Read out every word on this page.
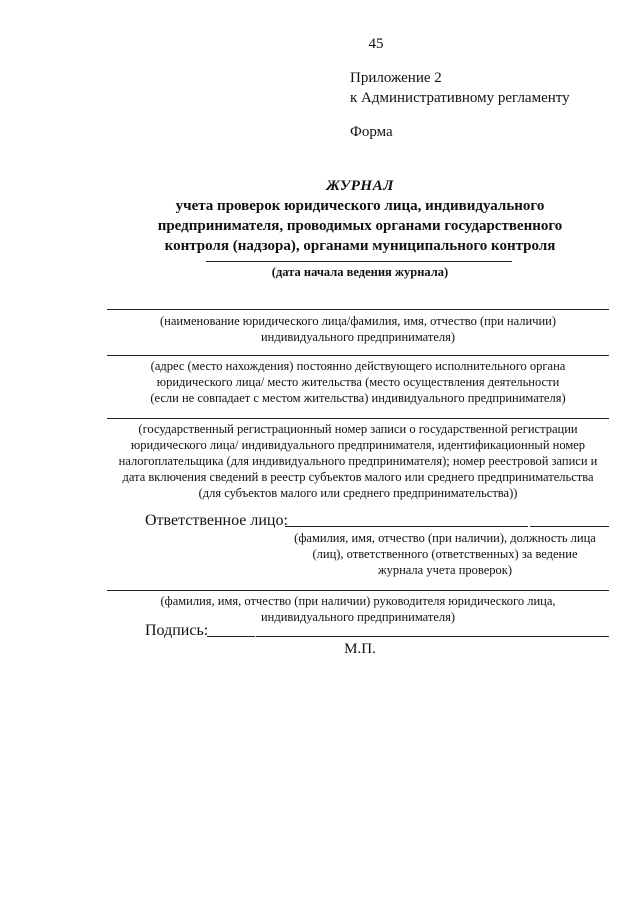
45
Приложение 2
к Административному регламенту
Форма
ЖУРНАЛ
учета проверок юридического лица, индивидуального
предпринимателя, проводимых органами государственного
контроля (надзора), органами муниципального контроля
(дата начала ведения журнала)
(наименование юридического лица/фамилия, имя, отчество (при наличии)
индивидуального предпринимателя)
(адрес (место нахождения) постоянно действующего исполнительного органа
юридического лица/ место жительства (место осуществления деятельности
(если не совпадает с местом жительства) индивидуального предпринимателя)
(государственный регистрационный номер записи о государственной регистрации
юридического лица/ индивидуального предпринимателя, идентификационный номер
налогоплательщика (для индивидуального предпринимателя); номер реестровой записи и
дата включения сведений в реестр субъектов малого или среднего предпринимательства
(для субъектов малого или среднего предпринимательства))
Ответственное лицо:
(фамилия, имя, отчество (при наличии), должность лица
(лиц), ответственного (ответственных) за ведение
журнала учета проверок)
(фамилия, имя, отчество (при наличии) руководителя юридического лица,
индивидуального предпринимателя)
Подпись:
М.П.
